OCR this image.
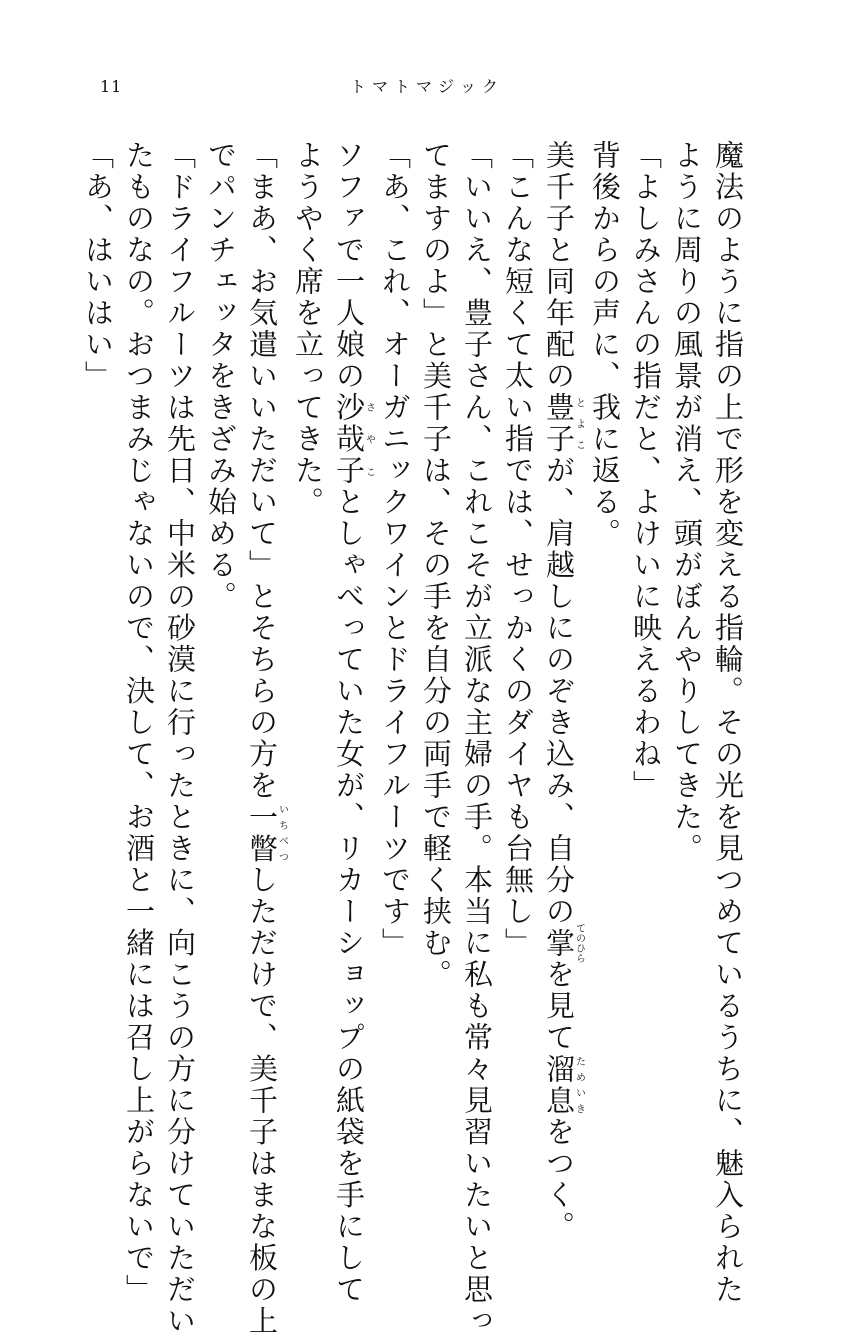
11	トマトマジック

魔法のように指の上で形を変える指輪。その光を見つめているうちに、魅入られた

ように周りの風景が消え、頭がぼんやりしてきた。

「よしみさんの指だと、よけいに映えるわね」

背後からの声に、我に返る。

美千子と同年配の豊子とよこが、肩越しにのぞき込み、自分の掌てのひらを見て溜息ためいきをつく。

「こんな短くて太い指では、せっかくのダイヤも台無し」

「いいえ、豊子さん、これこそが立派な主婦の手。本当に私も常々見習いたいと思っ

てますのよ」と美千子は、その手を自分の両手で軽く挟む。

「あ、これ、オーガニックワインとドライフルーツです」

ソファで一人娘の沙哉子さやことしゃべっていた女が、リカーショップの紙袋を手にして

ようやく席を立ってきた。

「まあ、お気遣いいただいて」とそちらの方を一瞥いちべつしただけで、美千子はまな板の上

でパンチェッタをきざみ始める。

「ドライフルーツは先日、中米の砂漠に行ったときに、向こうの方に分けていただい

たものなの。おつまみじゃないので、決して、お酒と一緒には召し上がらないで」

「あ、はいはい」
